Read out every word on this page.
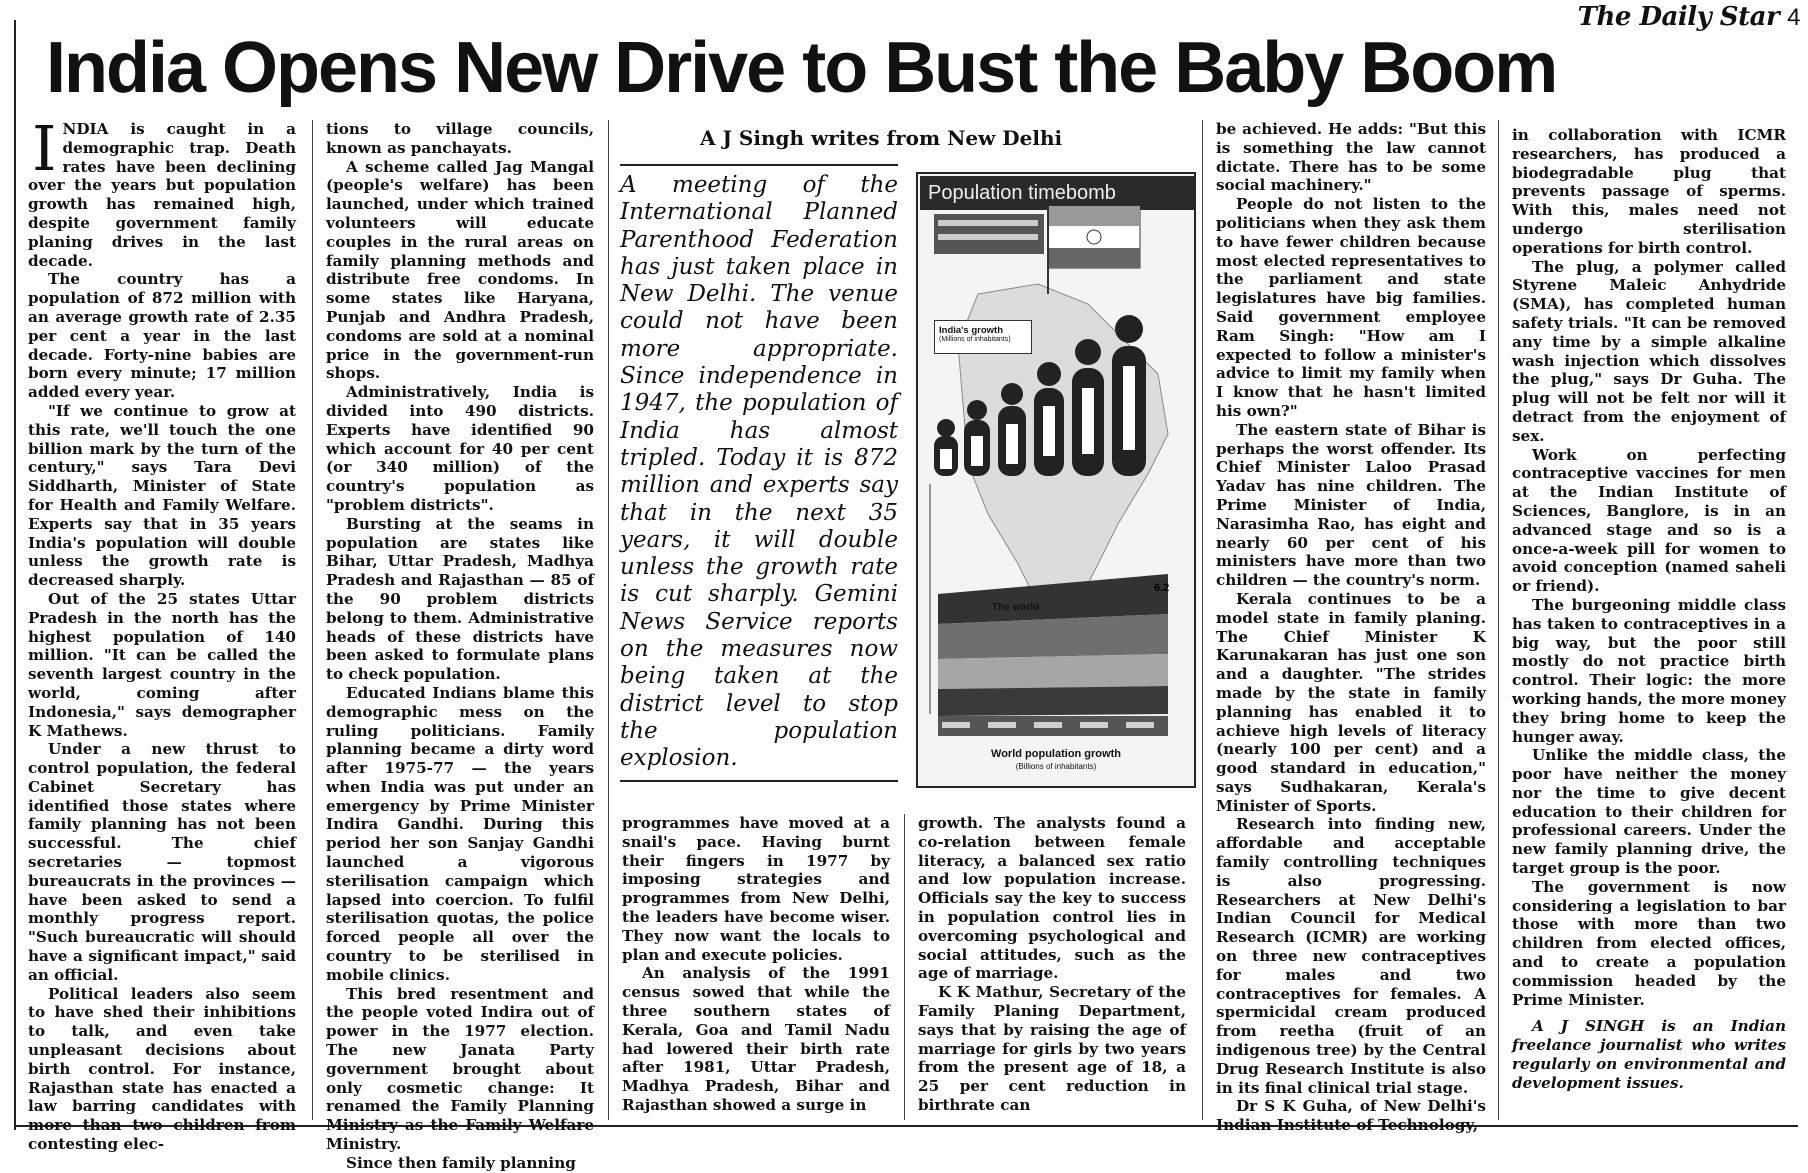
The Daily Star 4
India Opens New Drive to Bust the Baby Boom

INDIA is caught in a demographic trap. Death rates have been declining over the years but population growth has remained high, despite government family planing drives in the last decade.

The country has a population of 872 million with an average growth rate of 2.35 per cent a year in the last decade. Forty-nine babies are born every minute; 17 million added every year.

"If we continue to grow at this rate, we'll touch the one billion mark by the turn of the century," says Tara Devi Siddharth, Minister of State for Health and Family Welfare. Experts say that in 35 years India's population will double unless the growth rate is decreased sharply.

Out of the 25 states Uttar Pradesh in the north has the highest population of 140 million. "It can be called the seventh largest country in the world, coming after Indonesia," says demographer K Mathews.

Under a new thrust to control population, the federal Cabinet Secretary has identified those states where family planning has not been successful. The chief secretaries — topmost bureaucrats in the provinces — have been asked to send a monthly progress report. "Such bureaucratic will should have a significant impact," said an official.

Political leaders also seem to have shed their inhibitions to talk, and even take unpleasant decisions about birth control. For instance, Rajasthan state has enacted a law barring candidates with more than two children from contesting elec-

tions to village councils, known as panchayats.

A scheme called Jag Mangal (people's welfare) has been launched, under which trained volunteers will educate couples in the rural areas on family planning methods and distribute free condoms. In some states like Haryana, Punjab and Andhra Pradesh, condoms are sold at a nominal price in the government-run shops.

Administratively, India is divided into 490 districts. Experts have identified 90 which account for 40 per cent (or 340 million) of the country's population as "problem districts".

Bursting at the seams in population are states like Bihar, Uttar Pradesh, Madhya Pradesh and Rajasthan — 85 of the 90 problem districts belong to them. Administrative heads of these districts have been asked to formulate plans to check population.

Educated Indians blame this demographic mess on the ruling politicians. Family planning became a dirty word after 1975-77 — the years when India was put under an emergency by Prime Minister Indira Gandhi. During this period her son Sanjay Gandhi launched a vigorous sterilisation campaign which lapsed into coercion. To fulfil sterilisation quotas, the police forced people all over the country to be sterilised in mobile clinics.

This bred resentment and the people voted Indira out of power in the 1977 election. The new Janata Party government brought about only cosmetic change: It renamed the Family Planning Ministry as the Family Welfare Ministry.

Since then family planning

A J Singh writes from New Delhi
A meeting of the International Planned Parenthood Federation has just taken place in New Delhi. The venue could not have been more appropriate. Since independence in 1947, the population of India has almost tripled. Today it is 872 million and experts say that in the next 35 years, it will double unless the growth rate is cut sharply. Gemini News Service reports on the measures now being taken at the district level to stop the population explosion.
Population timebomb
India's growth
(Millions of inhabitants)
The world
6.2
World population growth
(Billions of inhabitants)

programmes have moved at a snail's pace. Having burnt their fingers in 1977 by imposing strategies and programmes from New Delhi, the leaders have become wiser. They now want the locals to plan and execute policies.

An analysis of the 1991 census sowed that while the three southern states of Kerala, Goa and Tamil Nadu had lowered their birth rate after 1981, Uttar Pradesh, Madhya Pradesh, Bihar and Rajasthan showed a surge in

growth. The analysts found a co-relation between female literacy, a balanced sex ratio and low population increase. Officials say the key to success in population control lies in overcoming psychological and social attitudes, such as the age of marriage.

K K Mathur, Secretary of the Family Planing Department, says that by raising the age of marriage for girls by two years from the present age of 18, a 25 per cent reduction in birthrate can

be achieved. He adds: "But this is something the law cannot dictate. There has to be some social machinery."

People do not listen to the politicians when they ask them to have fewer children because most elected representatives to the parliament and state legislatures have big families. Said government employee Ram Singh: "How am I expected to follow a minister's advice to limit my family when I know that he hasn't limited his own?"

The eastern state of Bihar is perhaps the worst offender. Its Chief Minister Laloo Prasad Yadav has nine children. The Prime Minister of India, Narasimha Rao, has eight and nearly 60 per cent of his ministers have more than two children — the country's norm.

Kerala continues to be a model state in family planing. The Chief Minister K Karunakaran has just one son and a daughter. "The strides made by the state in family planning has enabled it to achieve high levels of literacy (nearly 100 per cent) and a good standard in education," says Sudhakaran, Kerala's Minister of Sports.

Research into finding new, affordable and acceptable family controlling techniques is also progressing. Researchers at New Delhi's Indian Council for Medical Research (ICMR) are working on three new contraceptives for males and two contraceptives for females. A spermicidal cream produced from reetha (fruit of an indigenous tree) by the Central Drug Research Institute is also in its final clinical trial stage.

Dr S K Guha, of New Delhi's Indian Institute of Technology,

in collaboration with ICMR researchers, has produced a biodegradable plug that prevents passage of sperms. With this, males need not undergo sterilisation operations for birth control.

The plug, a polymer called Styrene Maleic Anhydride (SMA), has completed human safety trials. "It can be removed any time by a simple alkaline wash injection which dissolves the plug," says Dr Guha. The plug will not be felt nor will it detract from the enjoyment of sex.

Work on perfecting contraceptive vaccines for men at the Indian Institute of Sciences, Banglore, is in an advanced stage and so is a once-a-week pill for women to avoid conception (named saheli or friend).

The burgeoning middle class has taken to contraceptives in a big way, but the poor still mostly do not practice birth control. Their logic: the more working hands, the more money they bring home to keep the hunger away.

Unlike the middle class, the poor have neither the money nor the time to give decent education to their children for professional careers. Under the new family planning drive, the target group is the poor.

The government is now considering a legislation to bar those with more than two children from elected offices, and to create a population commission headed by the Prime Minister.

A J SINGH is an Indian freelance journalist who writes regularly on environmental and development issues.
